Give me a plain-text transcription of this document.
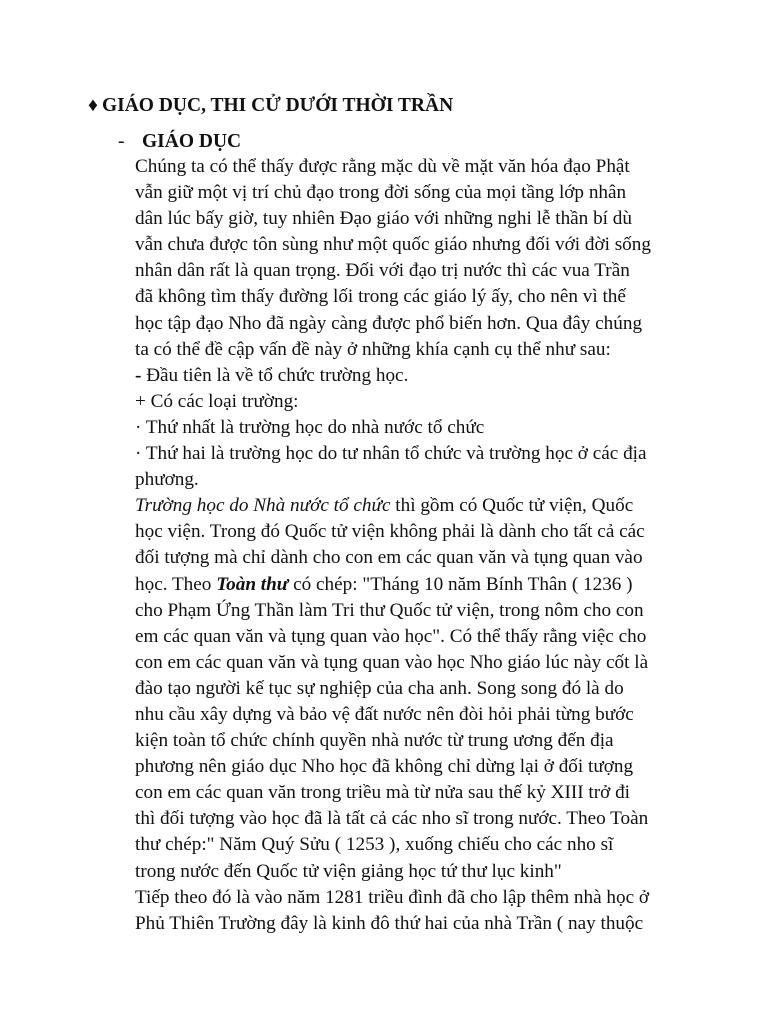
♦ GIÁO DỤC, THI CỬ DƯỚI THỜI TRẦN
- GIÁO DỤC
Chúng ta có thể thấy được rằng mặc dù về mặt văn hóa đạo Phật
vẫn giữ một vị trí chủ đạo trong đời sống của mọi tầng lớp nhân
dân lúc bấy giờ, tuy nhiên Đạo giáo với những nghi lễ thần bí dù
vẫn chưa được tôn sùng như một quốc giáo nhưng đối với đời sống
nhân dân rất là quan trọng. Đối với đạo trị nước thì các vua Trần
đã không tìm thấy đường lối trong các giáo lý ấy, cho nên vì thế
học tập đạo Nho đã ngày càng được phổ biến hơn. Qua đây chúng
ta có thể đề cập vấn đề này ở những khía cạnh cụ thể như sau:
- Đầu tiên là về tổ chức trường học.
+ Có các loại trường:
· Thứ nhất là trường học do nhà nước tổ chức
· Thứ hai là trường học do tư nhân tổ chức và trường học ở các địa
phương.
Trường học do Nhà nước tổ chức thì gồm có Quốc tử viện, Quốc
học viện. Trong đó Quốc tử viện không phải là dành cho tất cả các
đối tượng mà chỉ dành cho con em các quan văn và tụng quan vào
học. Theo Toàn thư có chép: "Tháng 10 năm Bính Thân ( 1236 )
cho Phạm Ứng Thần làm Tri thư Quốc tử viện, trong nôm cho con
em các quan văn và tụng quan vào học". Có thể thấy rằng việc cho
con em các quan văn và tụng quan vào học Nho giáo lúc này cốt là
đào tạo người kế tục sự nghiệp của cha anh. Song song đó là do
nhu cầu xây dựng và bảo vệ đất nước nên đòi hỏi phải từng bước
kiện toàn tổ chức chính quyền nhà nước từ trung ương đến địa
phương nên giáo dục Nho học đã không chỉ dừng lại ở đối tượng
con em các quan văn trong triều mà từ nửa sau thế kỷ XIII trở đi
thì đối tượng vào học đã là tất cả các nho sĩ trong nước. Theo Toàn
thư chép:" Năm Quý Sửu ( 1253 ), xuống chiếu cho các nho sĩ
trong nước đến Quốc tử viện giảng học tứ thư lục kinh"
Tiếp theo đó là vào năm 1281 triều đình đã cho lập thêm nhà học ở
Phủ Thiên Trường đây là kinh đô thứ hai của nhà Trần ( nay thuộc
